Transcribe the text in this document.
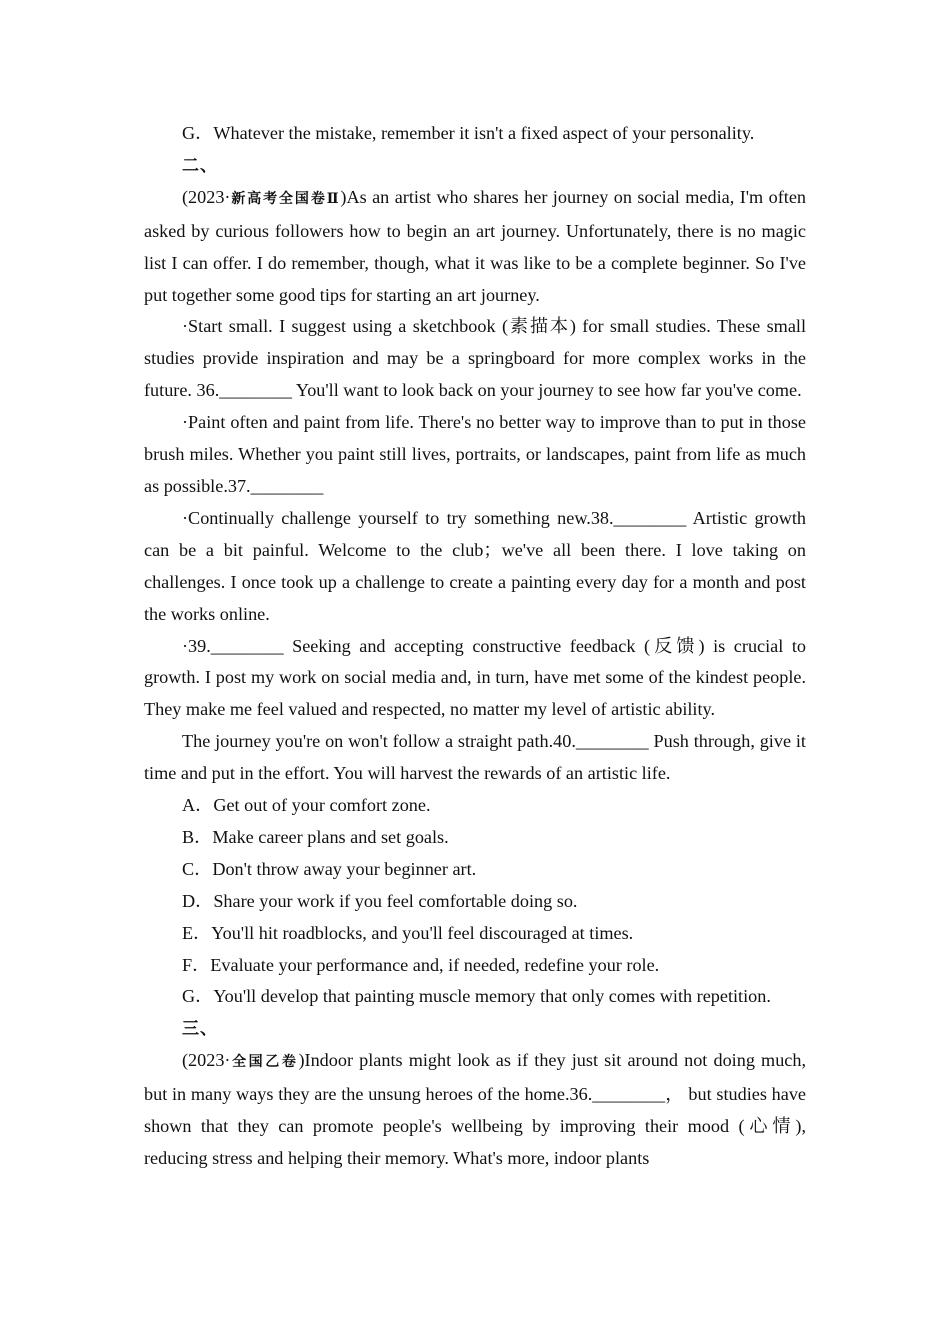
G．Whatever the mistake, remember it isn't a fixed aspect of your personality.

二、

(2023·新高考全国卷Ⅱ)As an artist who shares her journey on social media, I'm often asked by curious followers how to begin an art journey. Unfortunately, there is no magic list I can offer. I do remember, though, what it was like to be a complete beginner. So I've put together some good tips for starting an art journey.

·Start small. I suggest using a sketchbook (素描本) for small studies. These small studies provide inspiration and may be a springboard for more complex works in the future. 36.________ You'll want to look back on your journey to see how far you've come.

·Paint often and paint from life. There's no better way to improve than to put in those brush miles. Whether you paint still lives, portraits, or landscapes, paint from life as much as possible.37.________

·Continually challenge yourself to try something new.38.________ Artistic growth can be a bit painful. Welcome to the club；we've all been there. I love taking on challenges. I once took up a challenge to create a painting every day for a month and post the works online.

·39.________ Seeking and accepting constructive feedback (反馈) is crucial to growth. I post my work on social media and, in turn, have met some of the kindest people. They make me feel valued and respected, no matter my level of artistic ability.

The journey you're on won't follow a straight path.40.________ Push through, give it time and put in the effort. You will harvest the rewards of an artistic life.

A．Get out of your comfort zone.

B．Make career plans and set goals.

C．Don't throw away your beginner art.

D．Share your work if you feel comfortable doing so.

E．You'll hit roadblocks, and you'll feel discouraged at times.

F．Evaluate your performance and, if needed, redefine your role.

G．You'll develop that painting muscle memory that only comes with repetition.

三、

(2023·全国乙卷)Indoor plants might look as if they just sit around not doing much, but in many ways they are the unsung heroes of the home.36.________， but studies have shown that they can promote people's wellbeing by improving their mood (心情), reducing stress and helping their memory. What's more, indoor plants
